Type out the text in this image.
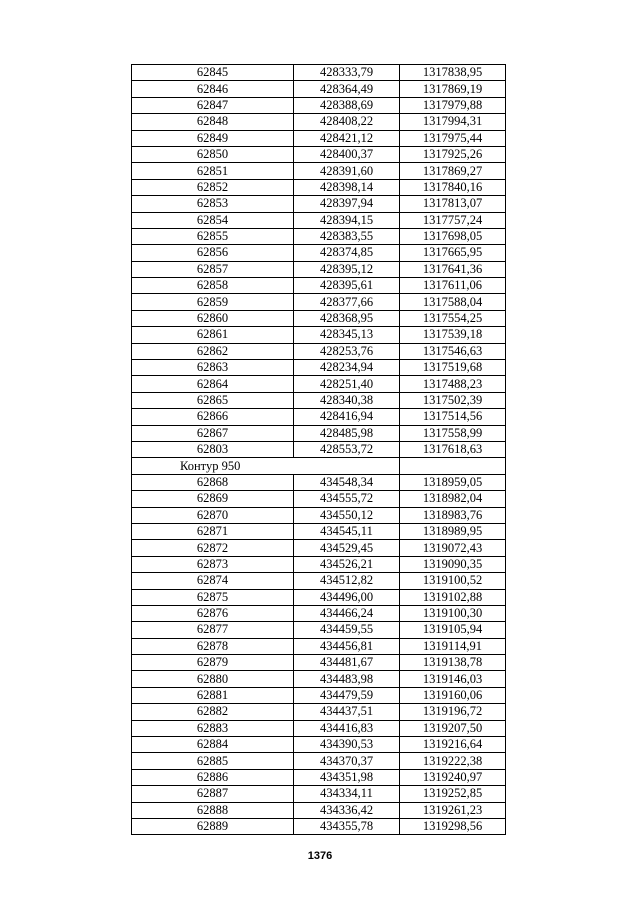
62845	428333,79	1317838,95
62846	428364,49	1317869,19
62847	428388,69	1317979,88
62848	428408,22	1317994,31
62849	428421,12	1317975,44
62850	428400,37	1317925,26
62851	428391,60	1317869,27
62852	428398,14	1317840,16
62853	428397,94	1317813,07
62854	428394,15	1317757,24
62855	428383,55	1317698,05
62856	428374,85	1317665,95
62857	428395,12	1317641,36
62858	428395,61	1317611,06
62859	428377,66	1317588,04
62860	428368,95	1317554,25
62861	428345,13	1317539,18
62862	428253,76	1317546,63
62863	428234,94	1317519,68
62864	428251,40	1317488,23
62865	428340,38	1317502,39
62866	428416,94	1317514,56
62867	428485,98	1317558,99
62803	428553,72	1317618,63
Контур 950		
62868	434548,34	1318959,05
62869	434555,72	1318982,04
62870	434550,12	1318983,76
62871	434545,11	1318989,95
62872	434529,45	1319072,43
62873	434526,21	1319090,35
62874	434512,82	1319100,52
62875	434496,00	1319102,88
62876	434466,24	1319100,30
62877	434459,55	1319105,94
62878	434456,81	1319114,91
62879	434481,67	1319138,78
62880	434483,98	1319146,03
62881	434479,59	1319160,06
62882	434437,51	1319196,72
62883	434416,83	1319207,50
62884	434390,53	1319216,64
62885	434370,37	1319222,38
62886	434351,98	1319240,97
62887	434334,11	1319252,85
62888	434336,42	1319261,23
62889	434355,78	1319298,56
1376
